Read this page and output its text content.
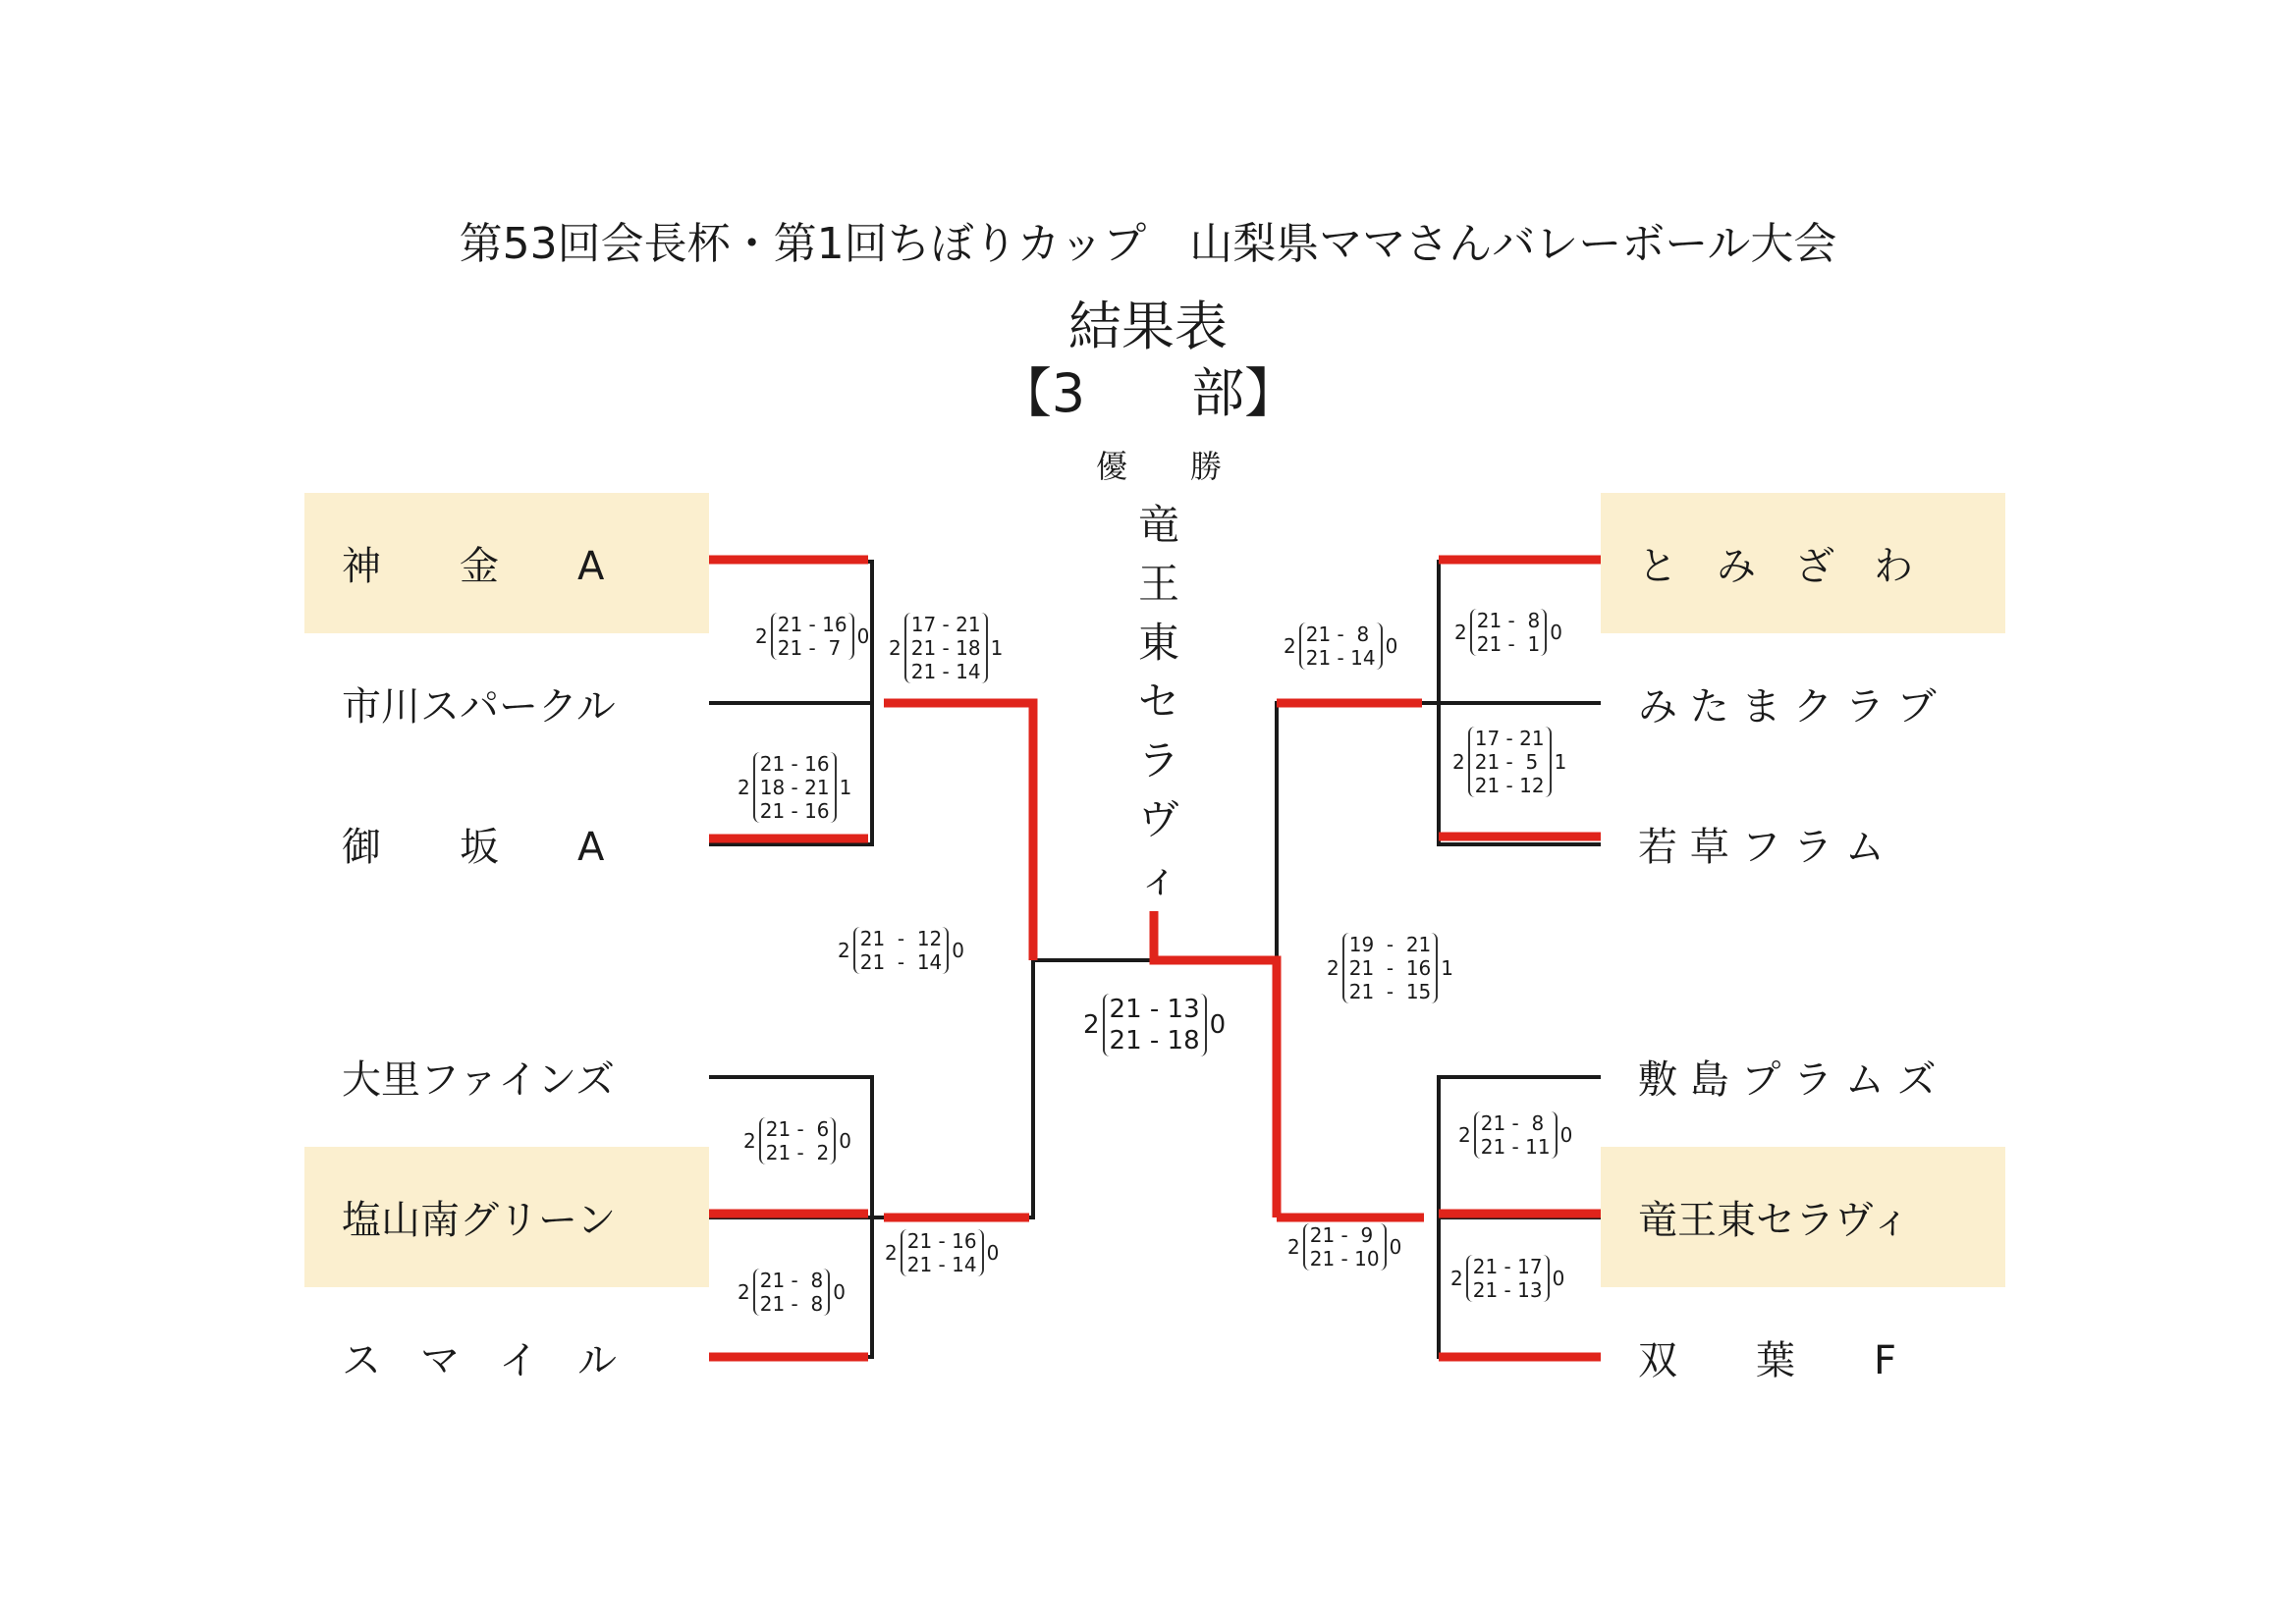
第53回会長杯・第1回ちぼりカップ　山梨県ママさんバレーボール大会
結果表
【3　　部】
優　　勝
竜
王
東
セ
ラ
ヴ
ィ
神　　金　　A
市川スパークル
御　　坂　　A
大里ファインズ
塩山南グリーン
ス　マ　イ　ル
と　み　ざ　わ
み た ま ク ラ ブ
若 草 フ ラ ム
敷 島 プ ラ ム ズ
竜王東セラヴィ
双　　葉　　F
2 21 - 16
21 -  7 0
2
21 - 16
18 - 21
21 - 16
1
2
17 - 21
21 - 18
21 - 14
1
2 21 -  6
21 -  2 0
2 21 -  8
21 -  8 0
2 21 - 16
21 - 14 0
2 21  -  12
21  -  14 0
2
21 - 13
21 - 18
0
2
19  -  21
21  -  16
21  -  15
1
2 21 -  8
21 - 14 0
2 21 -  8
21 -  1 0
2
17 - 21
21 -  5
21 - 12
1
2 21 -  8
21 - 11 0
2 21 -  9
21 - 10 0
2 21 - 17
21 - 13 0
